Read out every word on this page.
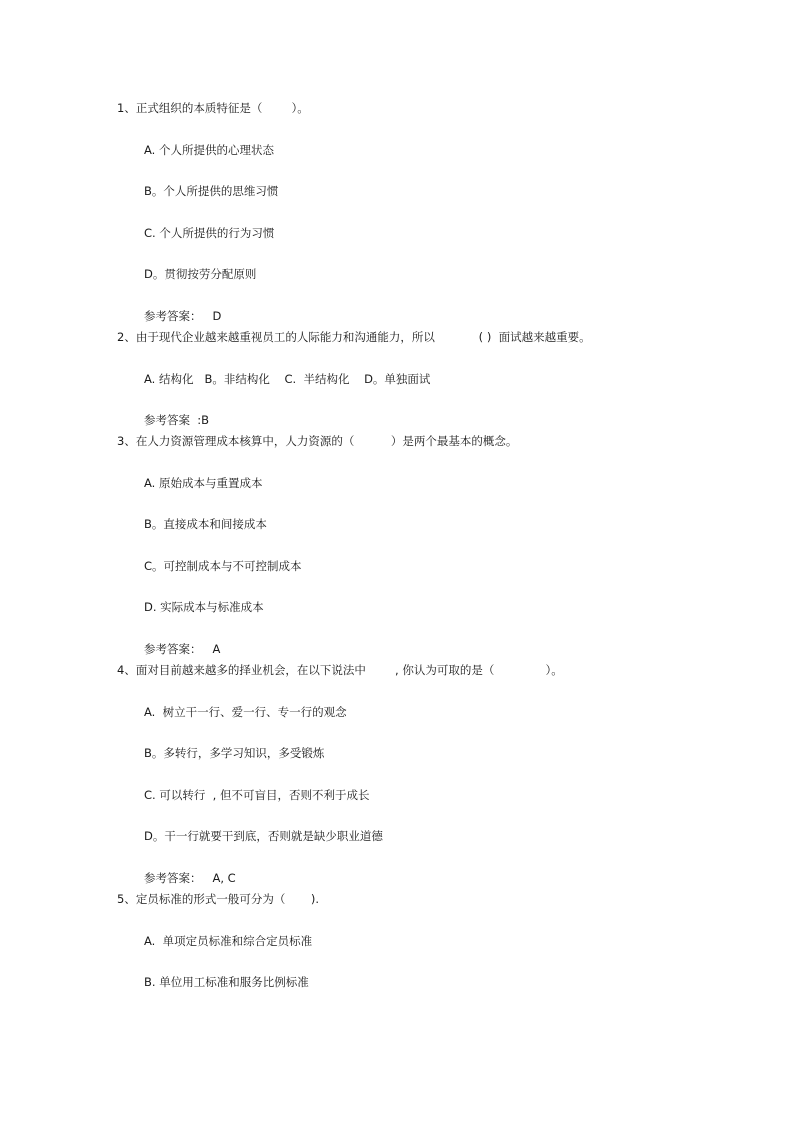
1、正式组织的本质特征是（        ）。
A. 个人所提供的心理状态
B。个人所提供的思维习惯
C. 个人所提供的行为习惯
D。贯彻按劳分配原则
参考答案：   D
2、由于现代企业越来越重视员工的人际能力和沟通能力，所以            ( )  面试越来越重要。
A. 结构化   B。非结构化    C.  半结构化    D。单独面试
参考答案  :B
3、在人力资源管理成本核算中，人力资源的（          ）是两个最基本的概念。
A. 原始成本与重置成本
B。直接成本和间接成本
C。可控制成本与不可控制成本
D. 实际成本与标准成本
参考答案：   A
4、面对目前越来越多的择业机会，在以下说法中        , 你认为可取的是（              ）。
A.  树立干一行、爱一行、专一行的观念
B。多转行，多学习知识，多受锻炼
C. 可以转行  , 但不可盲目，否则不利于成长
D。干一行就要干到底，否则就是缺少职业道德
参考答案：   A, C
5、定员标准的形式一般可分为（       ).
A.  单项定员标准和综合定员标准
B. 单位用工标准和服务比例标准
